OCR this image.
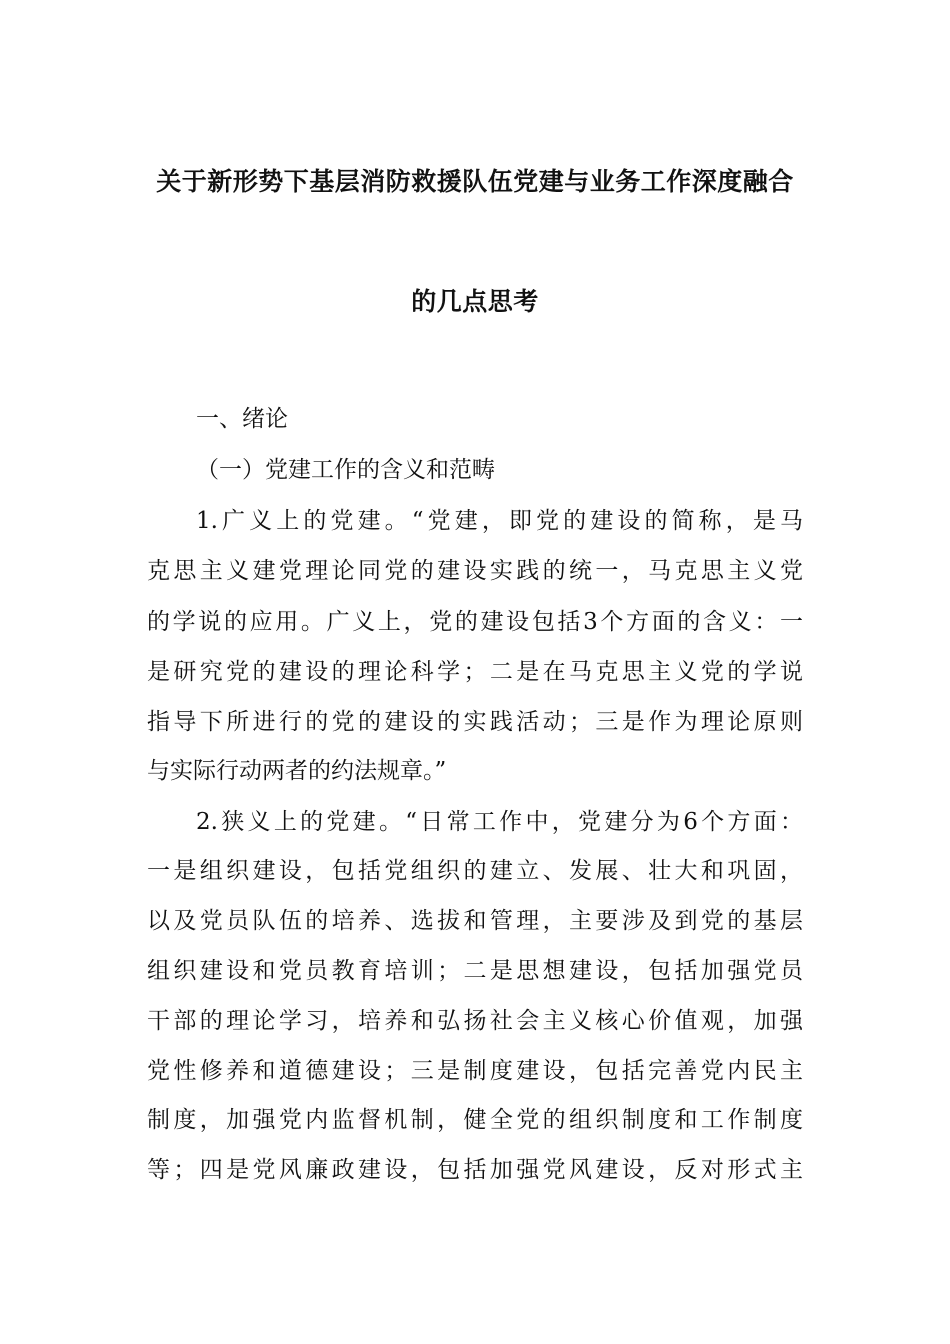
关于新形势下基层消防救援队伍党建与业务工作深度融合
的几点思考
一、绪论
（一）党建工作的含义和范畴
1.广义上的党建。“党建，即党的建设的简称，是马
克思主义建党理论同党的建设实践的统一，马克思主义党
的学说的应用。广义上，党的建设包括3个方面的含义：一
是研究党的建设的理论科学；二是在马克思主义党的学说
指导下所进行的党的建设的实践活动；三是作为理论原则
与实际行动两者的约法规章。”
2.狭义上的党建。“日常工作中，党建分为6个方面：
一是组织建设，包括党组织的建立、发展、壮大和巩固，
以及党员队伍的培养、选拔和管理，主要涉及到党的基层
组织建设和党员教育培训；二是思想建设，包括加强党员
干部的理论学习，培养和弘扬社会主义核心价值观，加强
党性修养和道德建设；三是制度建设，包括完善党内民主
制度，加强党内监督机制，健全党的组织制度和工作制度
等；四是党风廉政建设，包括加强党风建设，反对形式主
